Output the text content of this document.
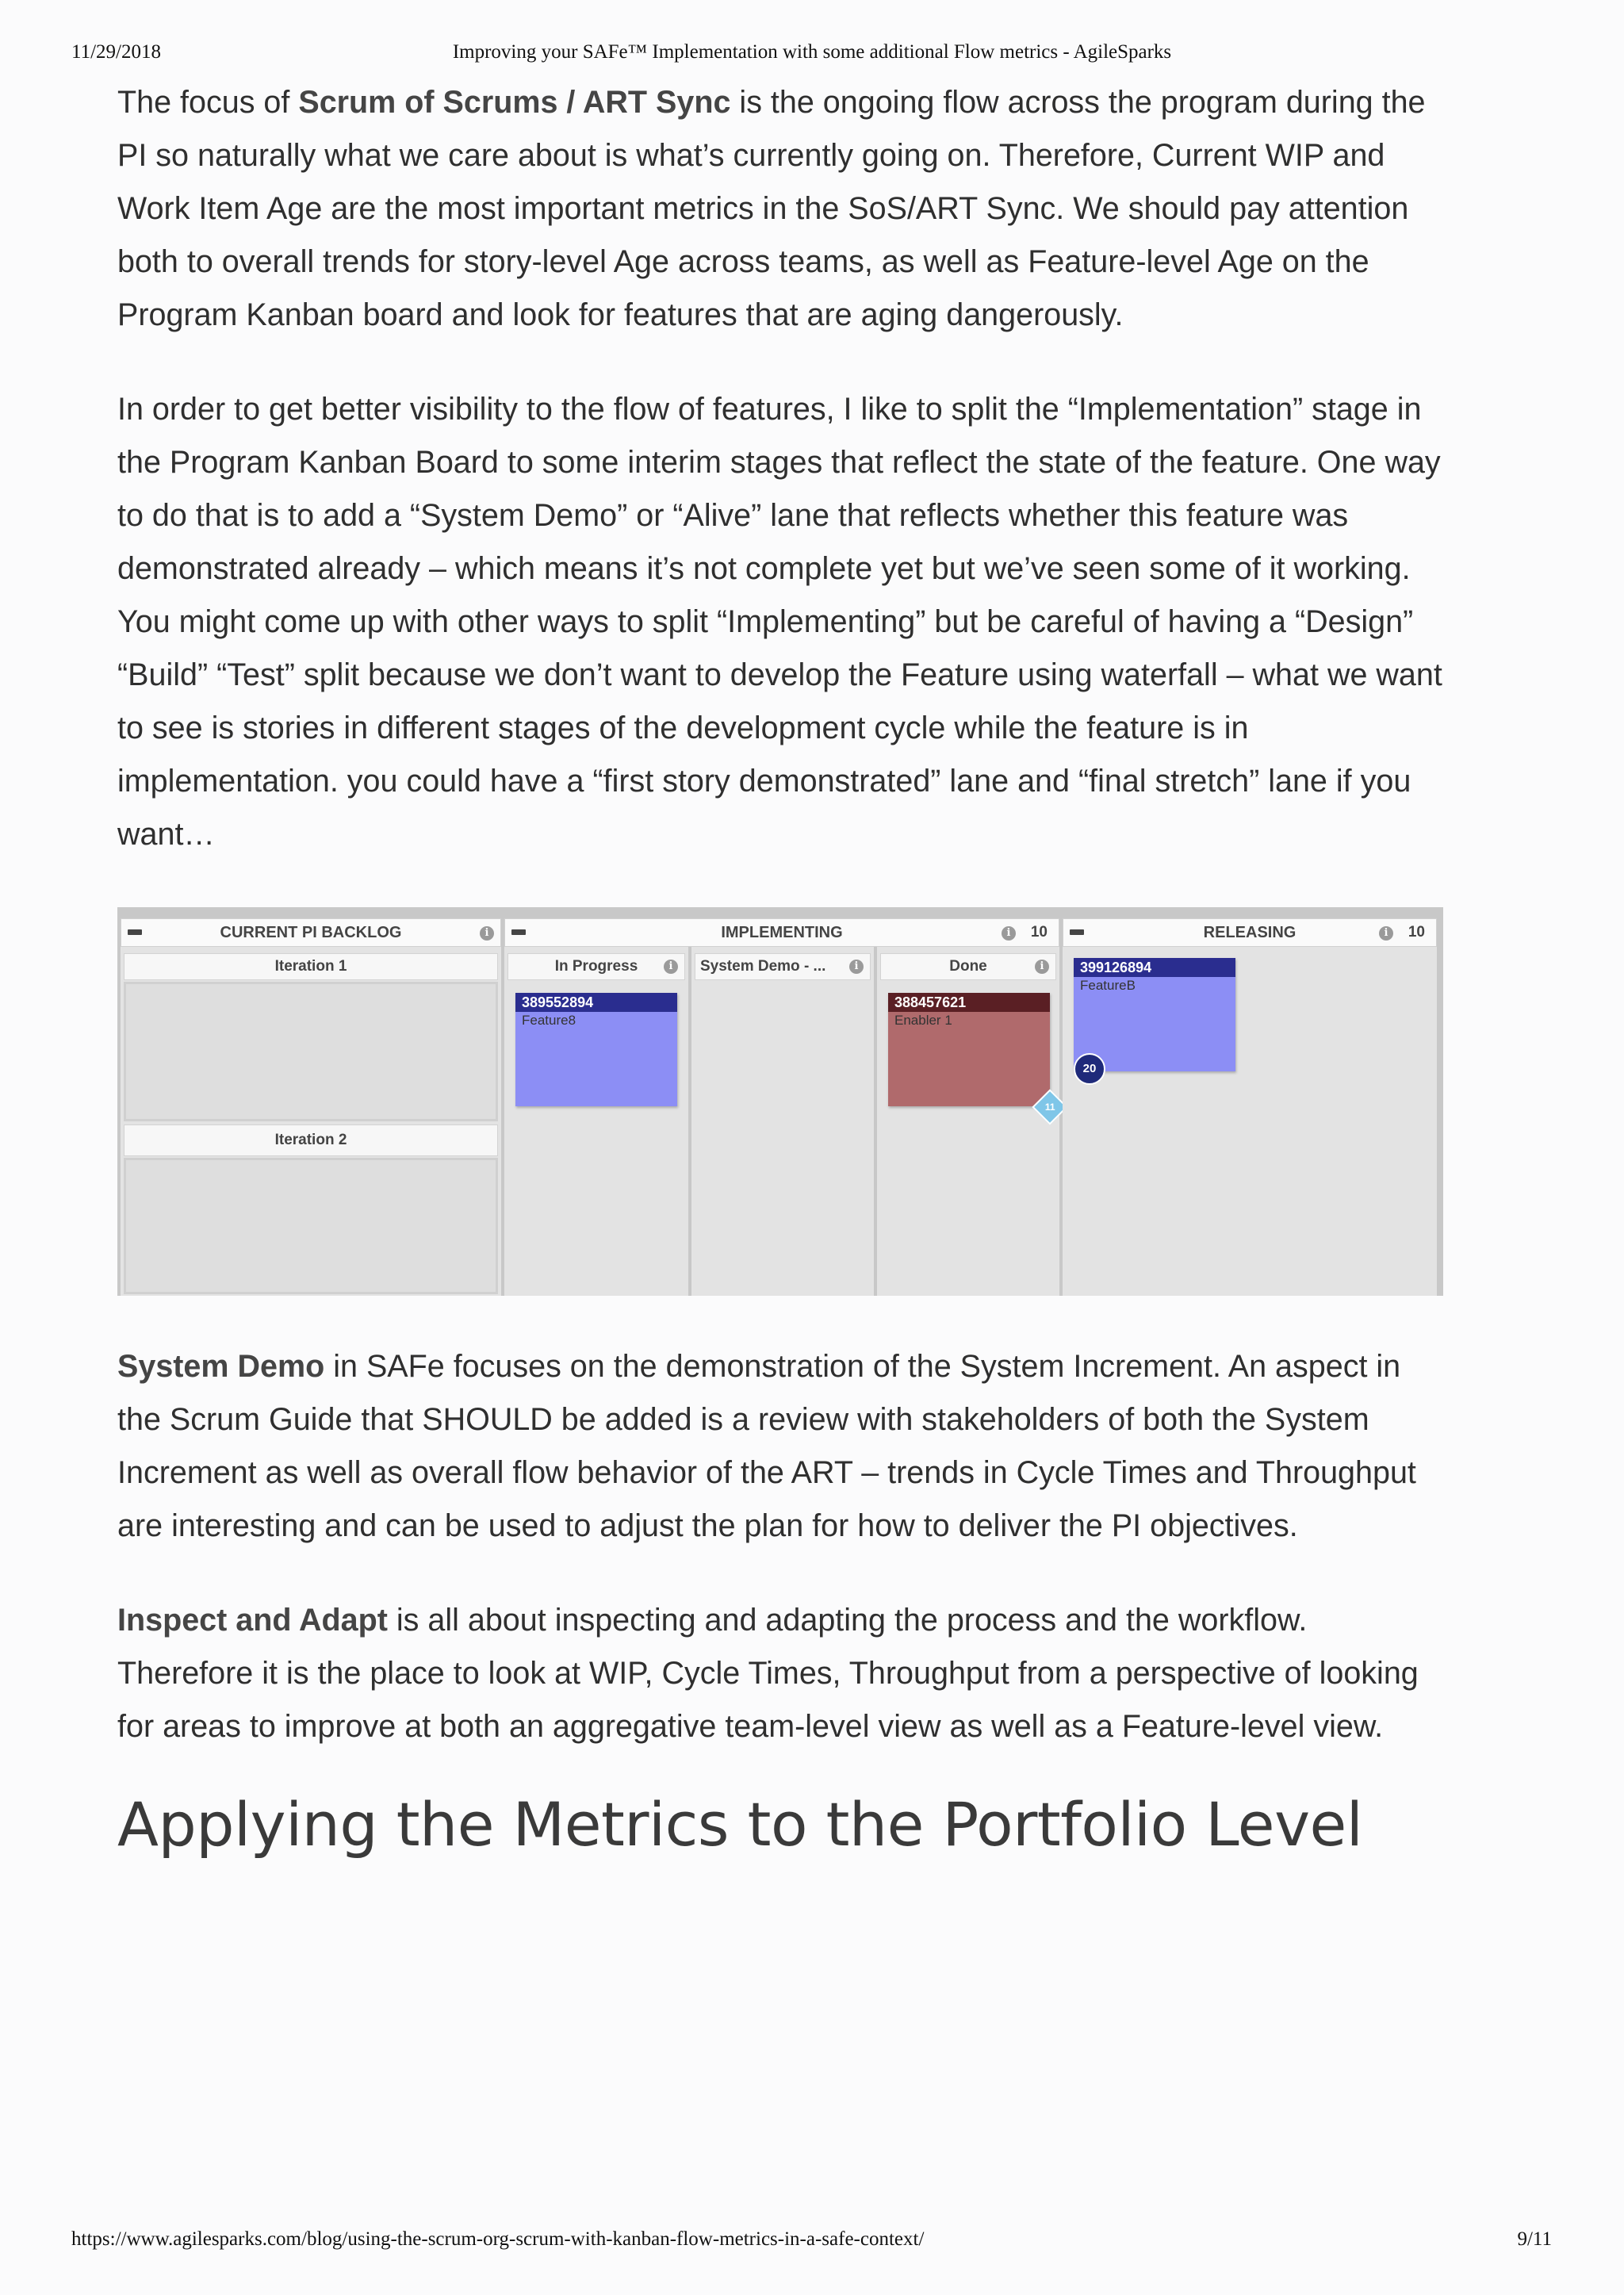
Improving your SAFe™ Implementation with some additional Flow metrics - AgileSparks
11/29/2018

The focus of Scrum of Scrums / ART Sync is the ongoing flow across the program during the PI so naturally what we care about is what’s currently going on. Therefore, Current WIP and Work Item Age are the most important metrics in the SoS/ART Sync. We should pay attention both to overall trends for story-level Age across teams, as well as Feature-level Age on the Program Kanban board and look for features that are aging dangerously.

In order to get better visibility to the flow of features, I like to split the “Implementation” stage in the Program Kanban Board to some interim stages that reflect the state of the feature. One way to do that is to add a “System Demo” or “Alive” lane that reflects whether this feature was demonstrated already – which means it’s not complete yet but we’ve seen some of it working. You might come up with other ways to split “Implementing” but be careful of having a “Design” “Build” “Test” split because we don’t want to develop the Feature using waterfall – what we want to see is stories in different stages of the development cycle while the feature is in implementation. you could have a “first story demonstrated” lane and “final stretch” lane if you want…

CURRENT PI BACKLOG	i
Iteration 1
Iteration 2
IMPLEMENTING	i	10
In Progress	i
389552894
Feature8
System Demo - ...	i	Done	i
388457621
Enabler 1
11
RELEASING	i	10
399126894
FeatureB
20

System Demo in SAFe focuses on the demonstration of the System Increment. An aspect in the Scrum Guide that SHOULD be added is a review with stakeholders of both the System Increment as well as overall flow behavior of the ART – trends in Cycle Times and Throughput are interesting and can be used to adjust the plan for how to deliver the PI objectives.

Inspect and Adapt is all about inspecting and adapting the process and the workflow. Therefore it is the place to look at WIP, Cycle Times, Throughput from a perspective of looking for areas to improve at both an aggregative team-level view as well as a Feature-level view.

Applying the Metrics to the Portfolio Level
https://www.agilesparks.com/blog/using-the-scrum-org-scrum-with-kanban-flow-metrics-in-a-safe-context/	9/11
